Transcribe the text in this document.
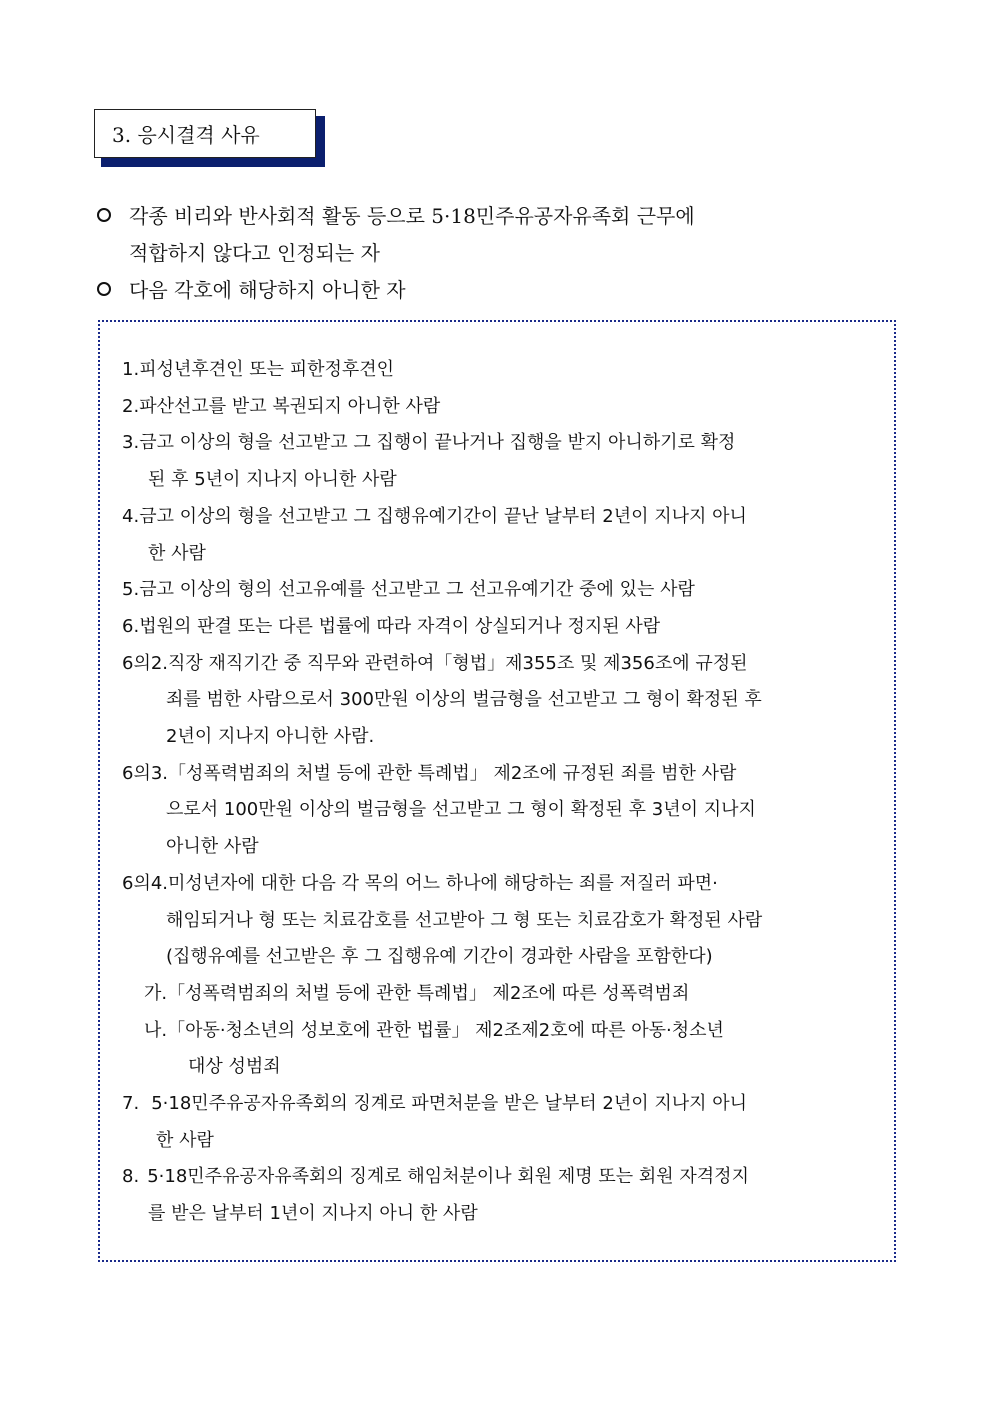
3. 응시결격 사유
각종 비리와 반사회적 활동 등으로 5·18민주유공자유족회 근무에
적합하지 않다고 인정되는 자
다음 각호에 해당하지 아니한 자
1. 피성년후견인 또는 피한정후견인
2. 파산선고를 받고 복권되지 아니한 사람
3. 금고 이상의 형을 선고받고 그 집행이 끝나거나 집행을 받지 아니하기로 확정
된 후 5년이 지나지 아니한 사람
4. 금고 이상의 형을 선고받고 그 집행유예기간이 끝난 날부터 2년이 지나지 아니
한 사람
5. 금고 이상의 형의 선고유예를 선고받고 그 선고유예기간 중에 있는 사람
6. 법원의 판결 또는 다른 법률에 따라 자격이 상실되거나 정지된 사람
6의2. 직장 재직기간 중 직무와 관련하여「형법」제355조 및 제356조에 규정된
죄를 범한 사람으로서 300만원 이상의 벌금형을 선고받고 그 형이 확정된 후
2년이 지나지 아니한 사람.
6의3. 「성폭력범죄의 처벌 등에 관한 특례법」 제2조에 규정된 죄를 범한 사람
으로서 100만원 이상의 벌금형을 선고받고 그 형이 확정된 후 3년이 지나지
아니한 사람
6의4. 미성년자에 대한 다음 각 목의 어느 하나에 해당하는 죄를 저질러 파면·
해임되거나 형 또는 치료감호를 선고받아 그 형 또는 치료감호가 확정된 사람
(집행유예를 선고받은 후 그 집행유예 기간이 경과한 사람을 포함한다)
가. 「성폭력범죄의 처벌 등에 관한 특례법」 제2조에 따른 성폭력범죄
나. 「아동·청소년의 성보호에 관한 법률」 제2조제2호에 따른 아동·청소년
대상 성범죄
7. 5·18민주유공자유족회의 징계로 파면처분을 받은 날부터 2년이 지나지 아니
한 사람
8. 5·18민주유공자유족회의 징계로 해임처분이나 회원 제명 또는 회원 자격정지
를 받은 날부터 1년이 지나지 아니 한 사람
